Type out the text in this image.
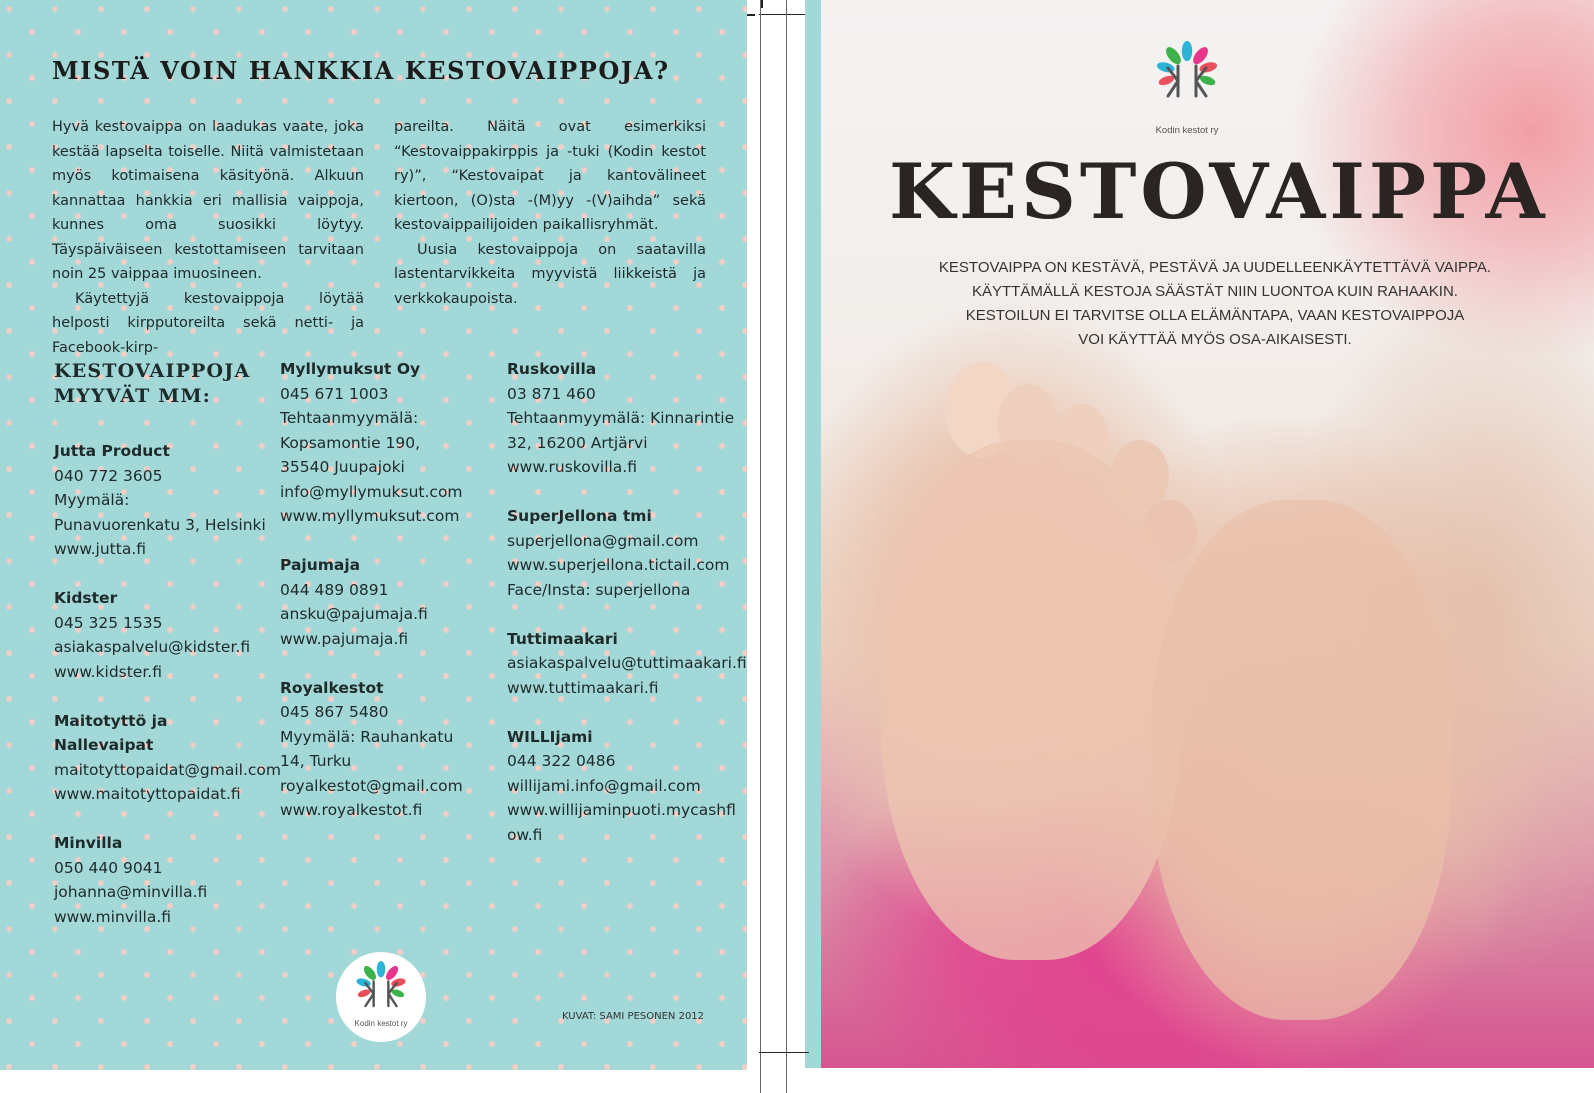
MISTÄ VOIN HANKKIA KESTOVAIPPOJA?

Hyvä kestovaippa on laadukas vaate, joka kestää lapselta toiselle. Niitä valmistetaan myös kotimaisena käsityönä. Alkuun kannattaa hankkia eri mallisia vaippoja, kunnes oma suosikki löytyy. Täyspäiväiseen kestottamiseen tarvitaan noin 25 vaippaa imuosineen.

Käytettyjä kestovaippoja löytää helposti kirpputoreilta sekä netti- ja Facebook-kirp-

pareilta. Näitä ovat esimerkiksi “Kestovaippakirppis ja -tuki (Kodin kestot ry)”, “Kestovaipat ja kantovälineet kiertoon, (O)sta -(M)yy -(V)aihda” sekä kestovaippailijoiden paikallisryhmät.

Uusia kestovaippoja on saatavilla lastentarvikkeita myyvistä liikkeistä ja verkkokaupoista.

KESTOVAIPPOJA
MYYVÄT MM:
Jutta Product
040 772 3605
Myymälä:
Punavuorenkatu 3, Helsinki
www.jutta.fi
Kidster
045 325 1535
asiakaspalvelu@kidster.fi
www.kidster.fi
Maitotyttö ja
Nallevaipat
maitotyttopaidat@gmail.com
www.maitotyttopaidat.fi
Minvilla
050 440 9041
johanna@minvilla.fi
www.minvilla.fi
Myllymuksut Oy
045 671 1003
Tehtaanmyymälä:
Kopsamontie 190,
35540 Juupajoki
info@myllymuksut.com
www.myllymuksut.com
Pajumaja
044 489 0891
ansku@pajumaja.fi
www.pajumaja.fi
Royalkestot
045 867 5480
Myymälä: Rauhankatu
14, Turku
royalkestot@gmail.com
www.royalkestot.fi
Ruskovilla
03 871 460
Tehtaanmyymälä: Kinnarintie
32, 16200 Artjärvi
www.ruskovilla.fi
SuperJellona tmi
superjellona@gmail.com
www.superjellona.tictail.com
Face/Insta: superjellona
Tuttimaakari
asiakaspalvelu@tuttimaakari.fi
www.tuttimaakari.fi
WILLIjami
044 322 0486
willijami.info@gmail.com
www.willijaminpuoti.mycashfl
ow.fi
Kodin kestot ry
KUVAT: SAMI PESONEN 2012
Kodin kestot ry
KESTOVAIPPA
KESTOVAIPPA ON KESTÄVÄ, PESTÄVÄ JA UUDELLEENKÄYTETTÄVÄ VAIPPA.
KÄYTTÄMÄLLÄ KESTOJA SÄÄSTÄT NIIN LUONTOA KUIN RAHAAKIN.
KESTOILUN EI TARVITSE OLLA ELÄMÄNTAPA, VAAN KESTOVAIPPOJA
VOI KÄYTTÄÄ MYÖS OSA-AIKAISESTI.
